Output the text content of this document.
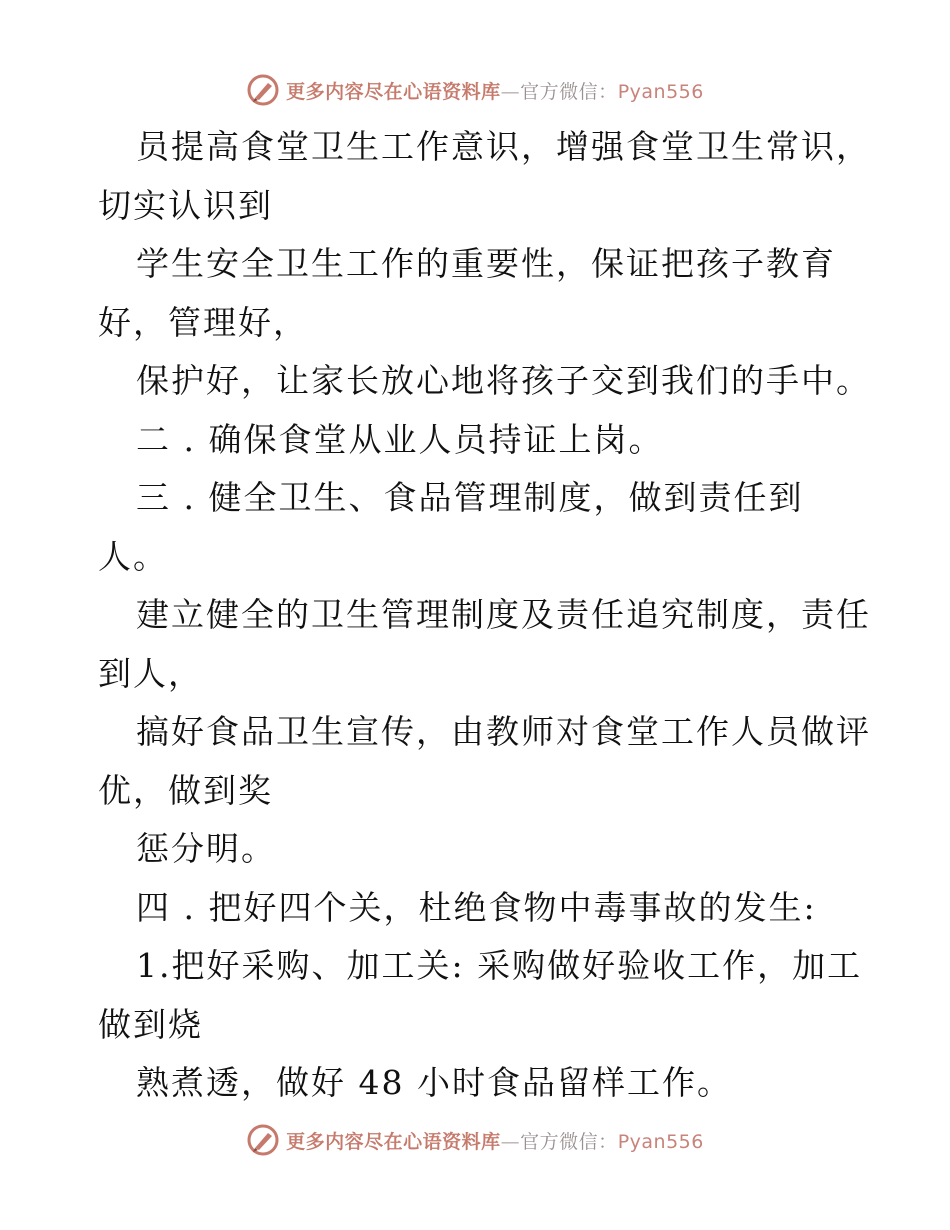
更多内容尽在心语资料库—官方微信：Pyan556
员提高食堂卫生工作意识，增强食堂卫生常识，
切实认识到
学生安全卫生工作的重要性，保证把孩子教育
好，管理好，
保护好，让家长放心地将孩子交到我们的手中。
二 . 确保食堂从业人员持证上岗。
三 . 健全卫生、食品管理制度，做到责任到
人。
建立健全的卫生管理制度及责任追究制度，责任
到人，
搞好食品卫生宣传，由教师对食堂工作人员做评
优，做到奖
惩分明。
四 . 把好四个关，杜绝食物中毒事故的发生:
1.把好采购、加工关: 采购做好验收工作，加工
做到烧
熟煮透，做好 48 小时食品留样工作。
更多内容尽在心语资料库—官方微信：Pyan556
